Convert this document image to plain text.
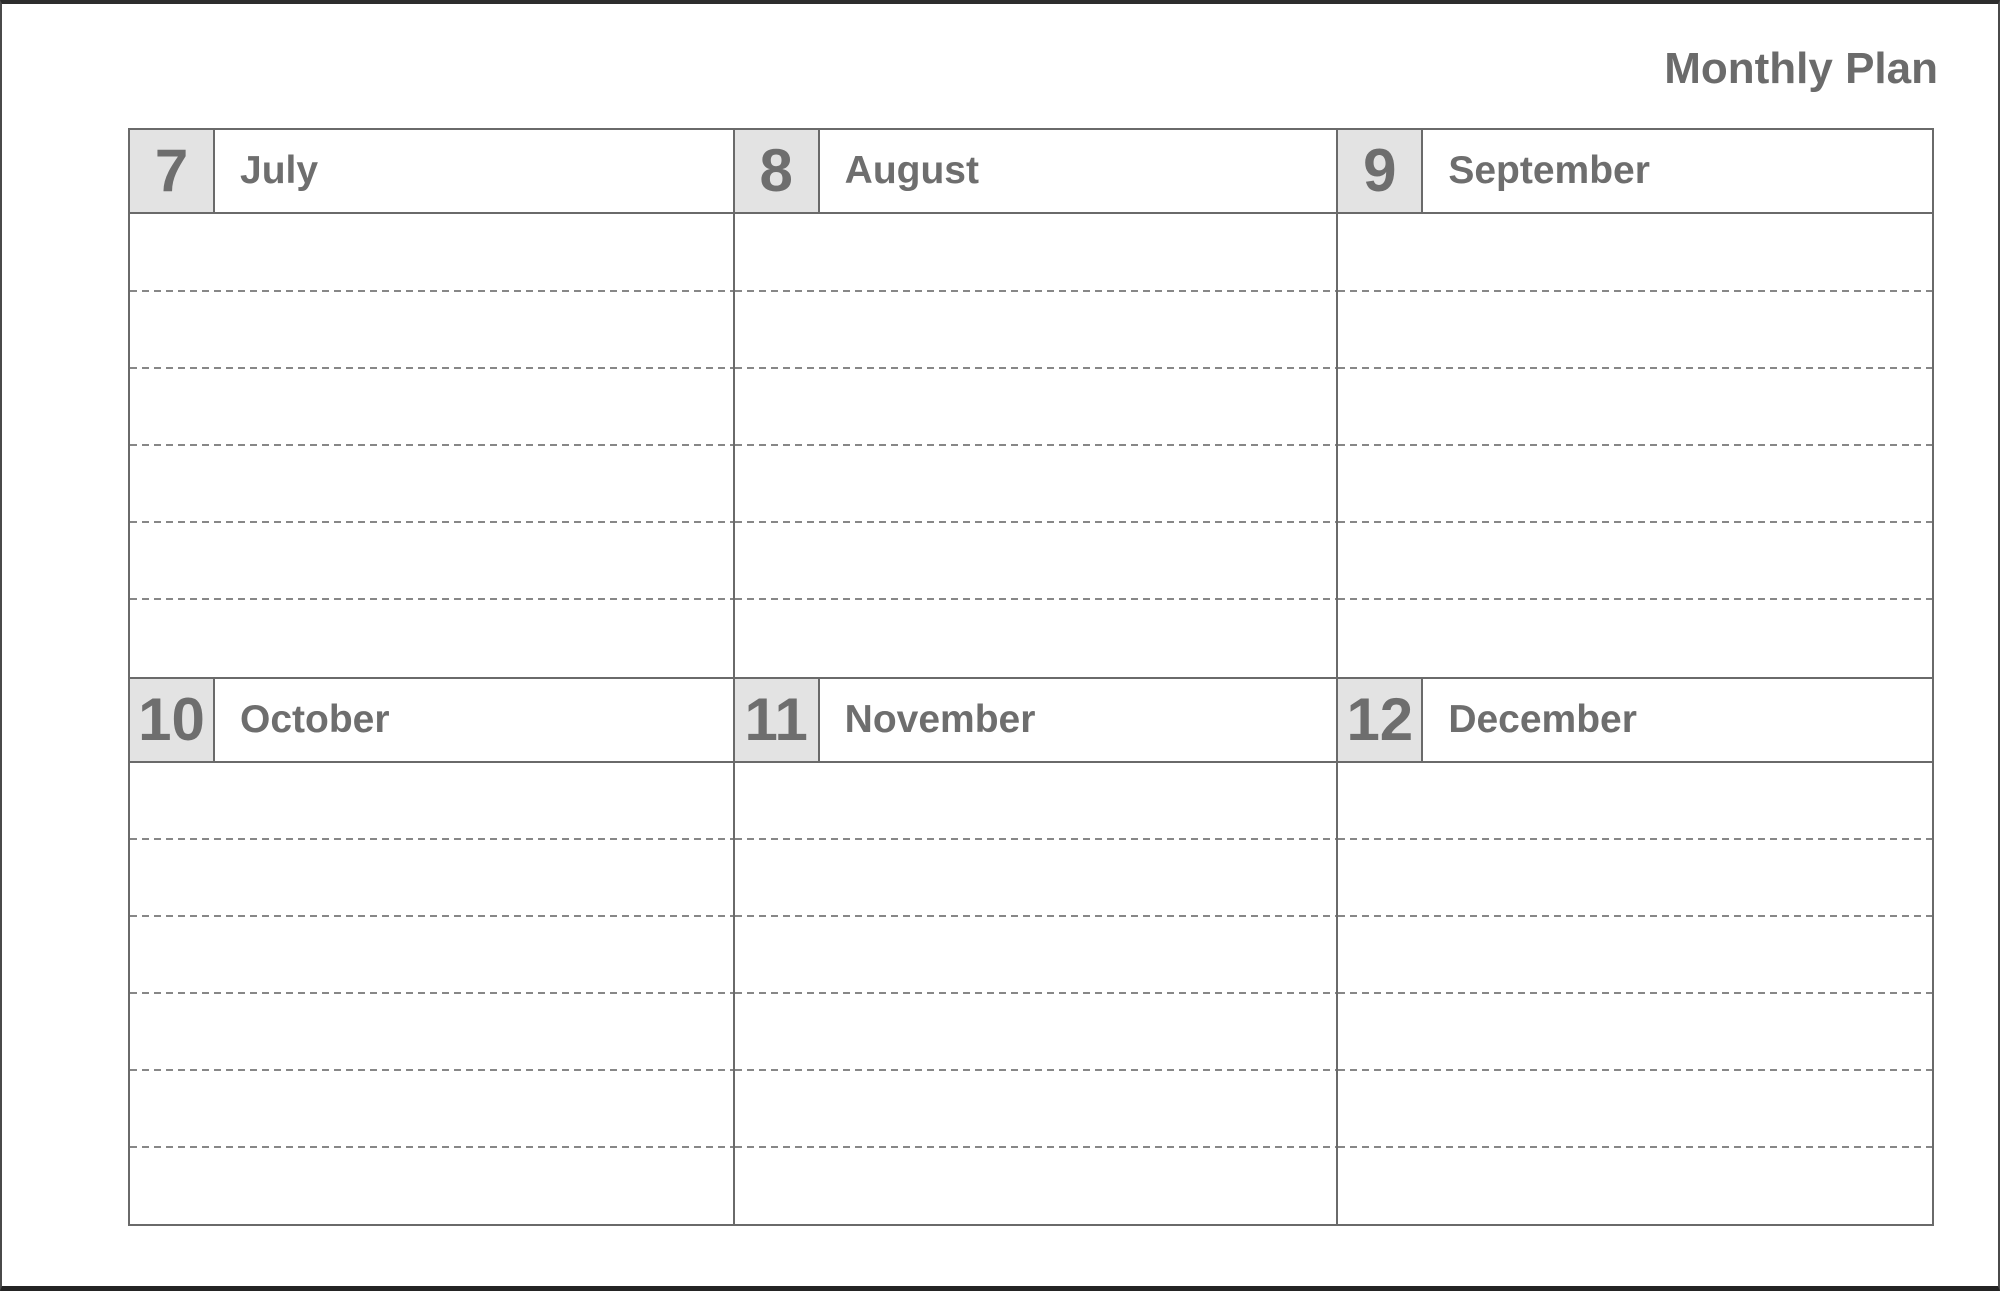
Monthly Plan
7	July	8	August	9	September
10 October	11 November	12 December
